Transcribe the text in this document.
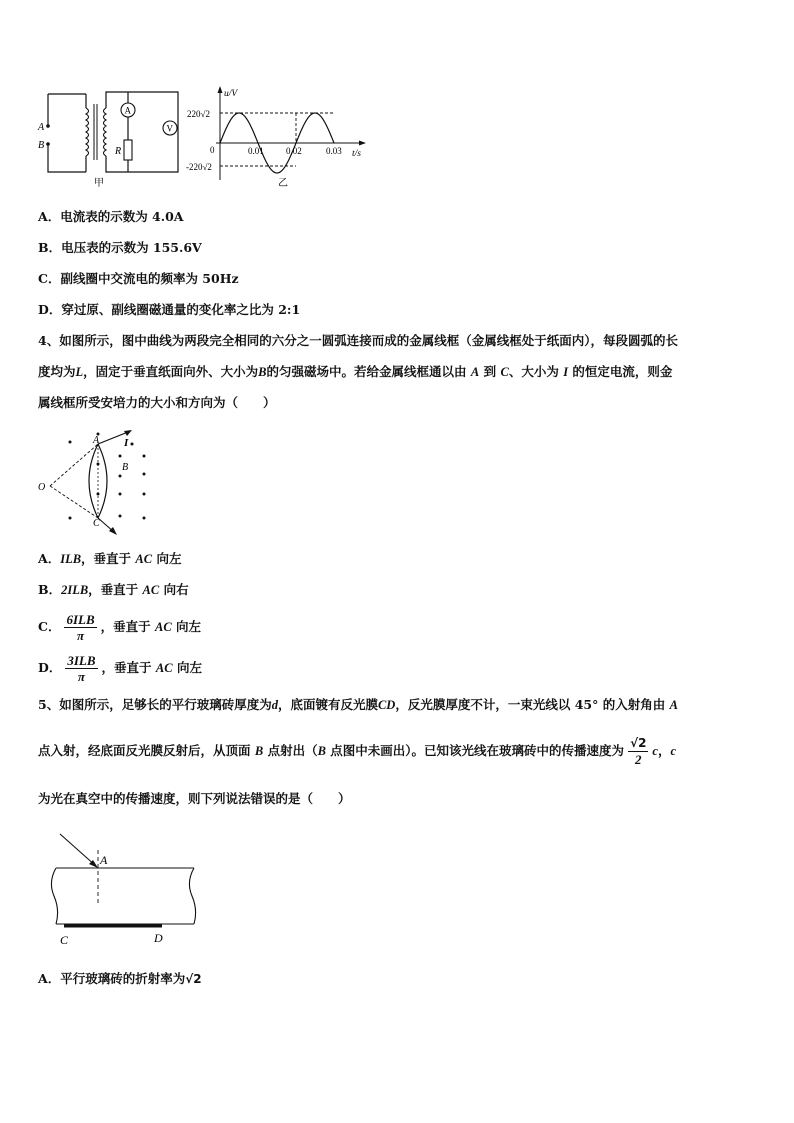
A
B
A
R
V
甲
u/V
t/s
220√2
-220√2
0	0.01 0.02	0.03
乙
A．电流表的示数为 4.0A
B．电压表的示数为 155.6V
C．副线圈中交流电的频率为 50Hz
D．穿过原、副线圈磁通量的变化率之比为 2:1
4、如图所示，图中曲线为两段完全相同的六分之一圆弧连接而成的金属线框（金属线框处于纸面内），每段圆弧的长
度均为L，固定于垂直纸面向外、大小为B的匀强磁场中。若给金属线框通以由 A 到 C、大小为 I 的恒定电流，则金
属线框所受安培力的大小和方向为（　　）
O
A
B
C
I
A．ILB，垂直于 AC 向左
B．2ILB，垂直于 AC 向右
C． $\frac{\text{6ILB}}{\pi}$ ，垂直于 AC 向左
D． $\frac{\text{3ILB}}{\pi}$ ，垂直于 AC 向左
5、如图所示，足够长的平行玻璃砖厚度为d，底面镀有反光膜CD，反光膜厚度不计，一束光线以 45° 的入射角由 A
点入射，经底面反光膜反射后，从顶面 B 点射出（B 点图中未画出）。已知该光线在玻璃砖中的传播速度为 $\frac{√2}{2}$ c，c
为光在真空中的传播速度，则下列说法错误的是（　　）
A
C	D
A．平行玻璃砖的折射率为√2
